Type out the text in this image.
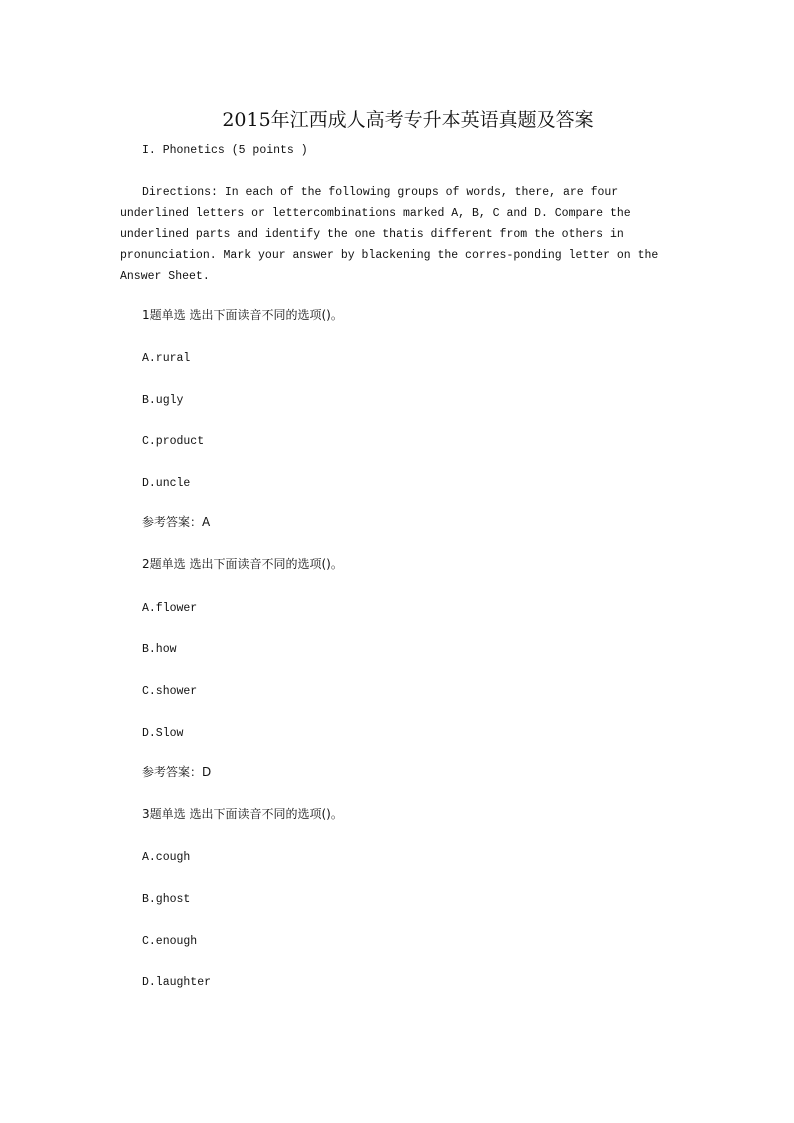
2015年江西成人高考专升本英语真题及答案
I. Phonetics (5 points )
Directions: In each of the following groups of words, there, are four
underlined letters or lettercombinations marked A, B, C and D. Compare the
underlined parts and identify the one thatis different from the others in
pronunciation. Mark your answer by blackening the corres-ponding letter on the
Answer Sheet.
1题单选 选出下面读音不同的选项()。
A.rural
B.ugly
C.product
D.uncle
参考答案：A
2题单选 选出下面读音不同的选项()。
A.flower
B.how
C.shower
D.Slow
参考答案：D
3题单选 选出下面读音不同的选项()。
A.cough
B.ghost
C.enough
D.laughter
